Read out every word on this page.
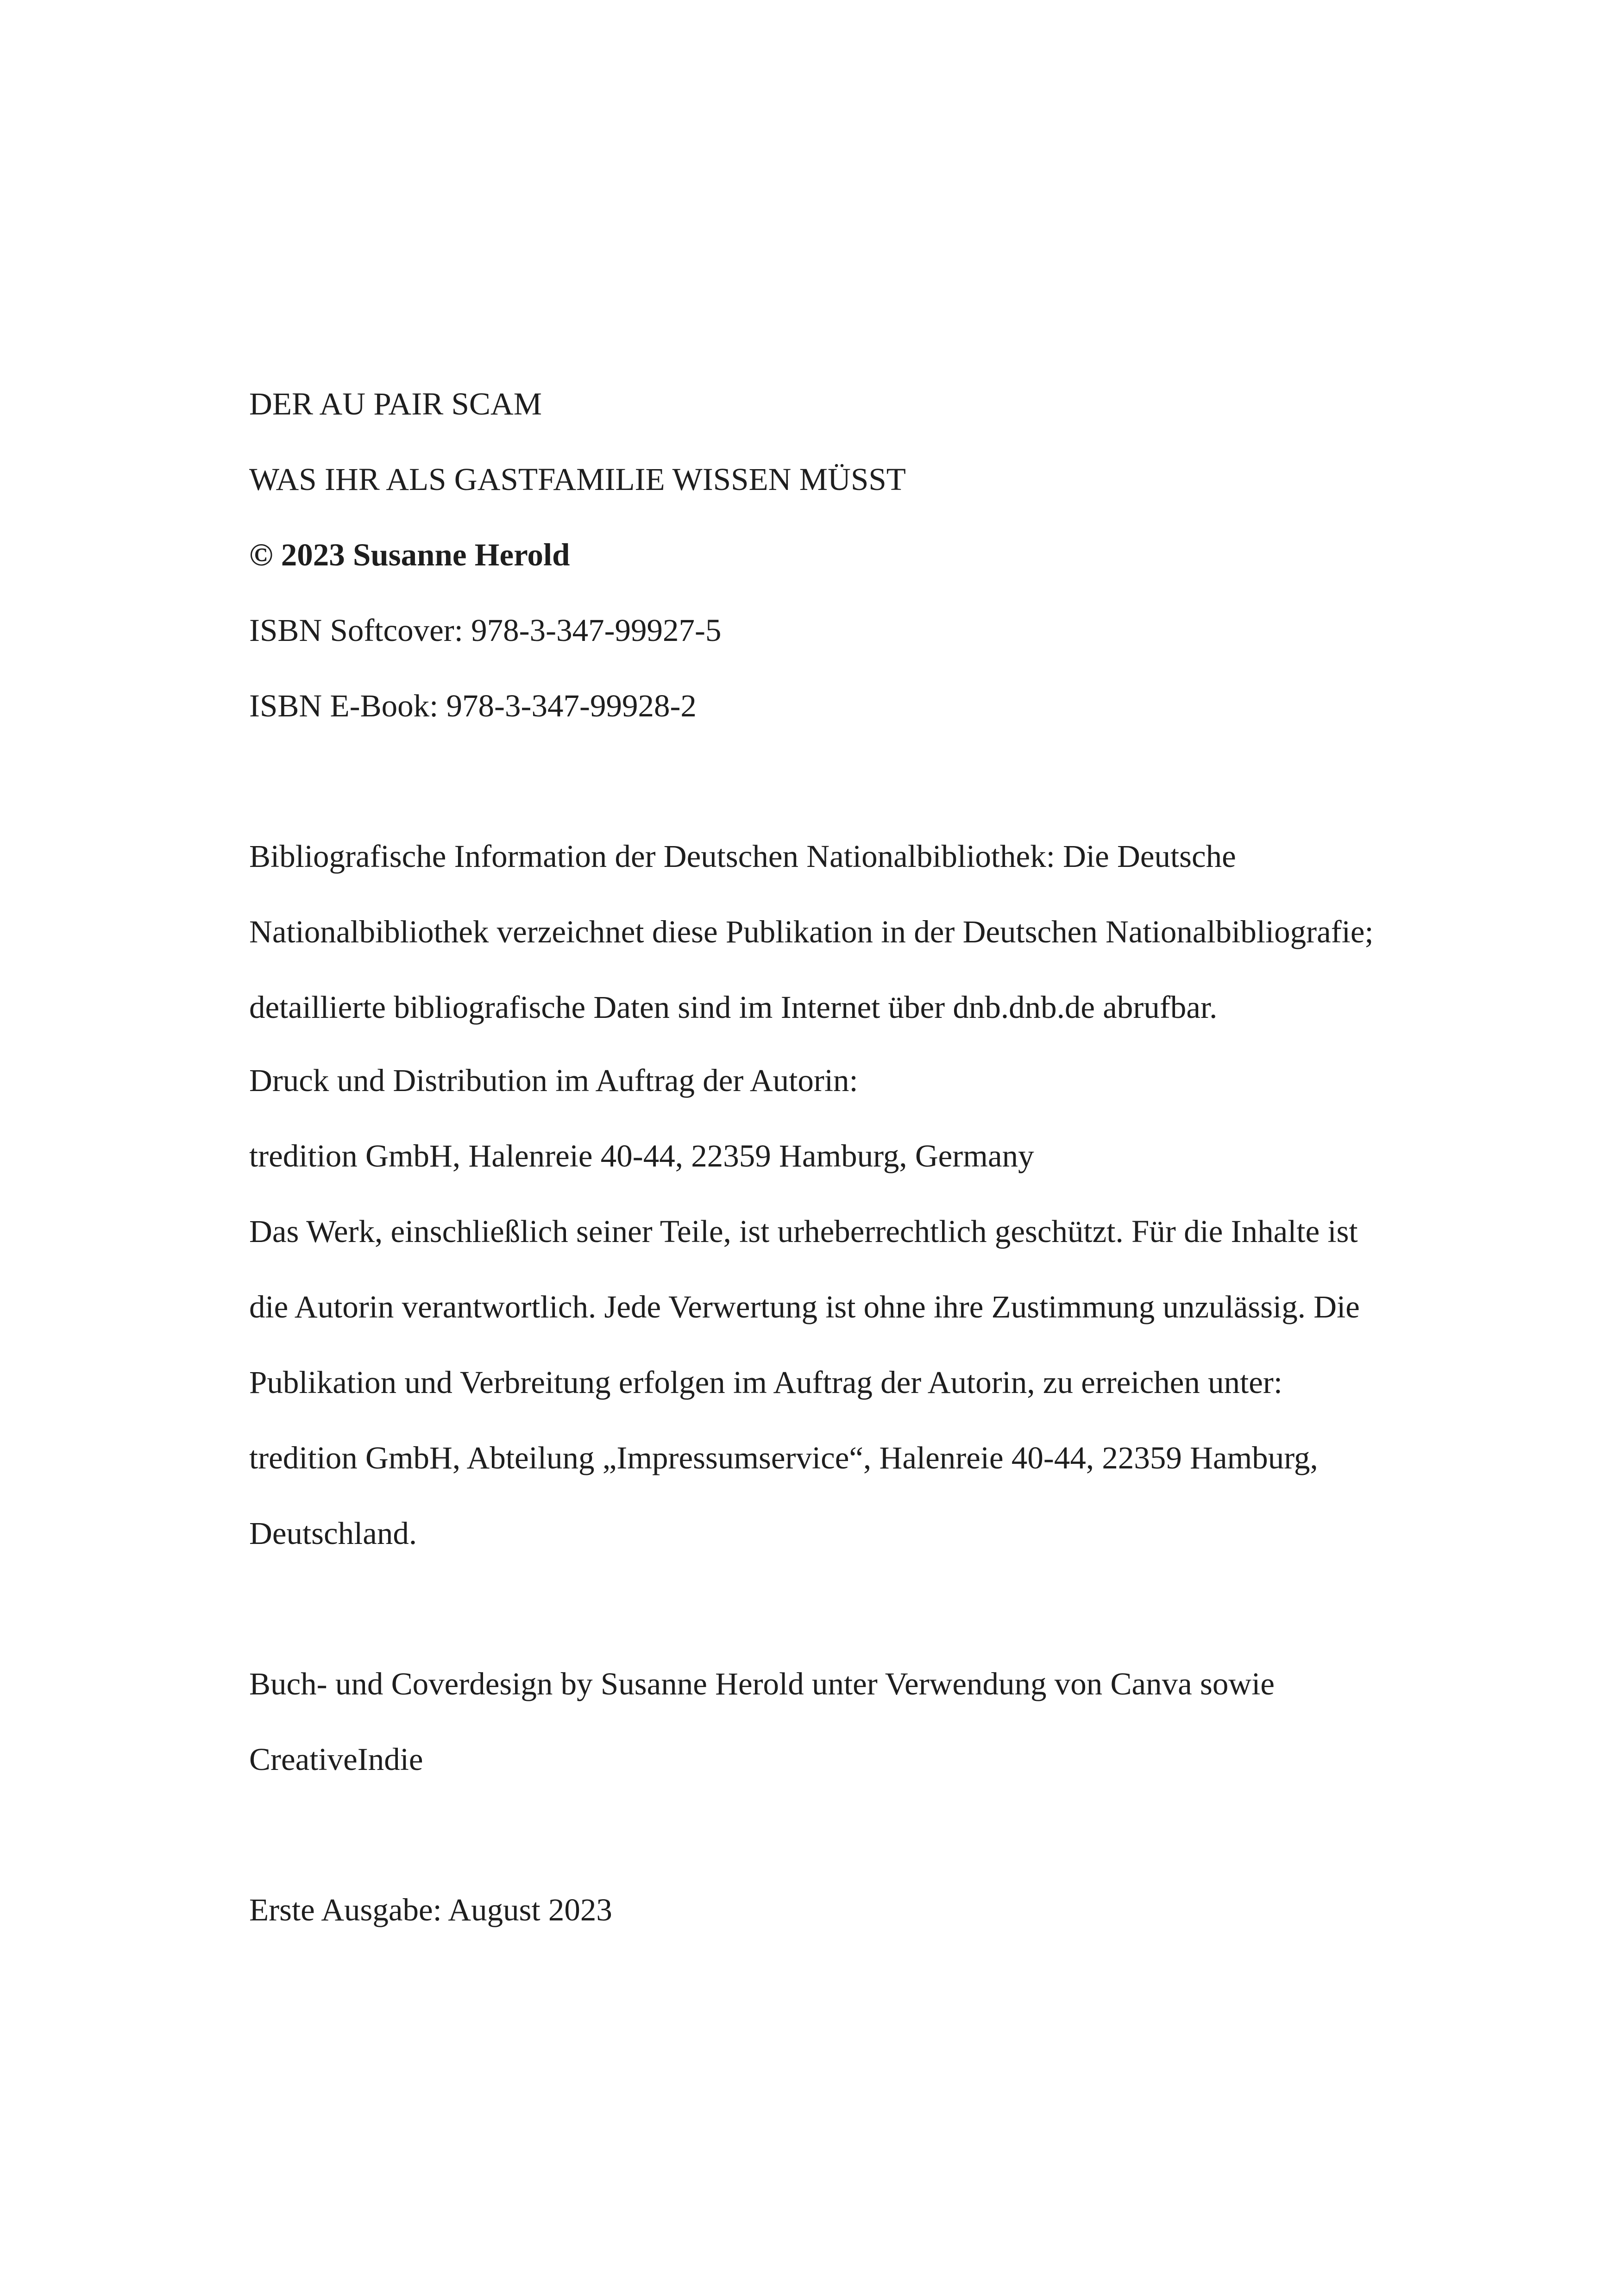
DER AU PAIR SCAM

WAS IHR ALS GASTFAMILIE WISSEN MÜSST

© 2023 Susanne Herold

ISBN Softcover: 978-3-347-99927-5

ISBN E-Book: 978-3-347-99928-2

Bibliografische Information der Deutschen Nationalbibliothek: Die Deutsche

Nationalbibliothek verzeichnet diese Publikation in der Deutschen Nationalbibliografie;

detaillierte bibliografische Daten sind im Internet über dnb.dnb.de abrufbar.

Druck und Distribution im Auftrag der Autorin:

tredition GmbH, Halenreie 40-44, 22359 Hamburg, Germany

Das Werk, einschließlich seiner Teile, ist urheberrechtlich geschützt. Für die Inhalte ist

die Autorin verantwortlich. Jede Verwertung ist ohne ihre Zustimmung unzulässig. Die

Publikation und Verbreitung erfolgen im Auftrag der Autorin, zu erreichen unter:

tredition GmbH, Abteilung „Impressumservice“, Halenreie 40-44, 22359 Hamburg,

Deutschland.

Buch- und Coverdesign by Susanne Herold unter Verwendung von Canva sowie

CreativeIndie

Erste Ausgabe: August 2023
